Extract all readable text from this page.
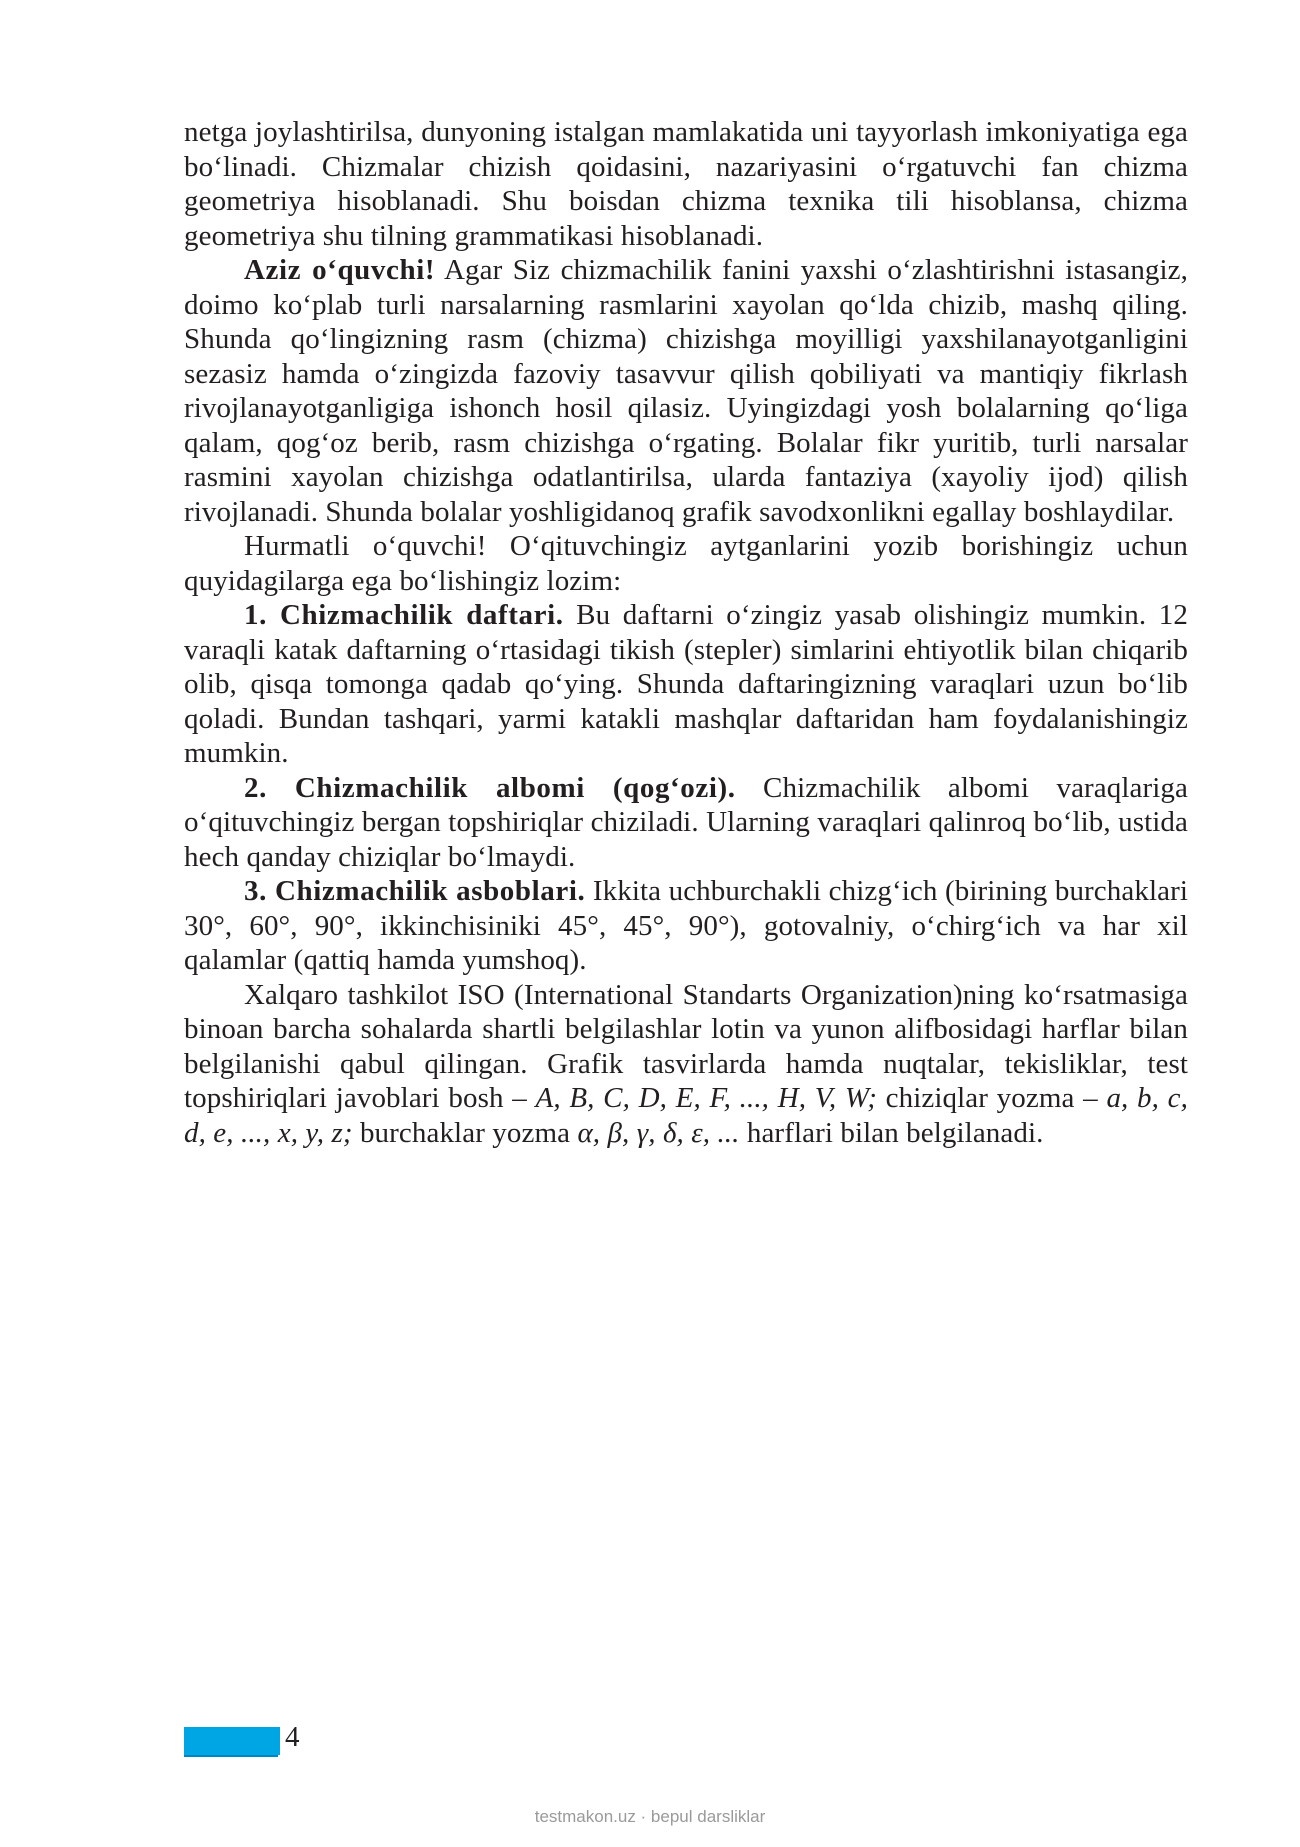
netga joylashtirilsa, dunyoning istalgan mamlakatida uni tayyorlash imkoniyatiga ega bo‘linadi. Chizmalar chizish qoidasini, nazariyasini o‘rgatuvchi fan chizma geometriya hisoblanadi. Shu boisdan chizma texnika tili hisoblansa, chizma geometriya shu tilning grammatikasi hisoblanadi.

Aziz o‘quvchi! Agar Siz chizmachilik fanini yaxshi o‘zlashtirishni istasangiz, doimo ko‘plab turli narsalarning rasmlarini xayolan qo‘lda chizib, mashq qiling. Shunda qo‘lingizning rasm (chizma) chizishga moyilligi yaxshilanayotganligini sezasiz hamda o‘zingizda fazoviy tasavvur qilish qobiliyati va mantiqiy fikrlash rivojlanayotganligiga ishonch hosil qilasiz. Uyingizdagi yosh bolalarning qo‘liga qalam, qog‘oz berib, rasm chizishga o‘rgating. Bolalar fikr yuritib, turli narsalar rasmini xayolan chizishga odatlantirilsa, ularda fantaziya (xayoliy ijod) qilish rivojlanadi. Shunda bolalar yoshligidanoq grafik savodxonlikni egallay boshlaydilar.

Hurmatli o‘quvchi! O‘qituvchingiz aytganlarini yozib borishingiz uchun quyidagilarga ega bo‘lishingiz lozim:

1. Chizmachilik daftari. Bu daftarni o‘zingiz yasab olishingiz mumkin. 12 varaqli katak daftarning o‘rtasidagi tikish (stepler) simlarini ehtiyotlik bilan chiqarib olib, qisqa tomonga qadab qo‘ying. Shunda daftaringizning varaqlari uzun bo‘lib qoladi. Bundan tashqari, yarmi katakli mashqlar daftaridan ham foydalanishingiz mumkin.

2. Chizmachilik albomi (qog‘ozi). Chizmachilik albomi varaqlariga o‘qituvchingiz bergan topshiriqlar chiziladi. Ularning varaqlari qalinroq bo‘lib, ustida hech qanday chiziqlar bo‘lmaydi.

3. Chizmachilik asboblari. Ikkita uchburchakli chizg‘ich (birining burchaklari 30°, 60°, 90°, ikkinchisiniki 45°, 45°, 90°), gotovalniy, o‘chirg‘ich va har xil qalamlar (qattiq hamda yumshoq).

Xalqaro tashkilot ISO (International Standarts Organization)ning ko‘rsatmasiga binoan barcha sohalarda shartli belgilashlar lotin va yunon alifbosidagi harflar bilan belgilanishi qabul qilingan. Grafik tasvirlarda hamda nuqtalar, tekisliklar, test topshiriqlari javoblari bosh – A, B, C, D, E, F, ..., H, V, W; chiziqlar yozma – a, b, c, d, e, ..., x, y, z; burchaklar yozma α, β, γ, δ, ε, ... harflari bilan belgilanadi.

4
testmakon.uz · bepul darsliklar
